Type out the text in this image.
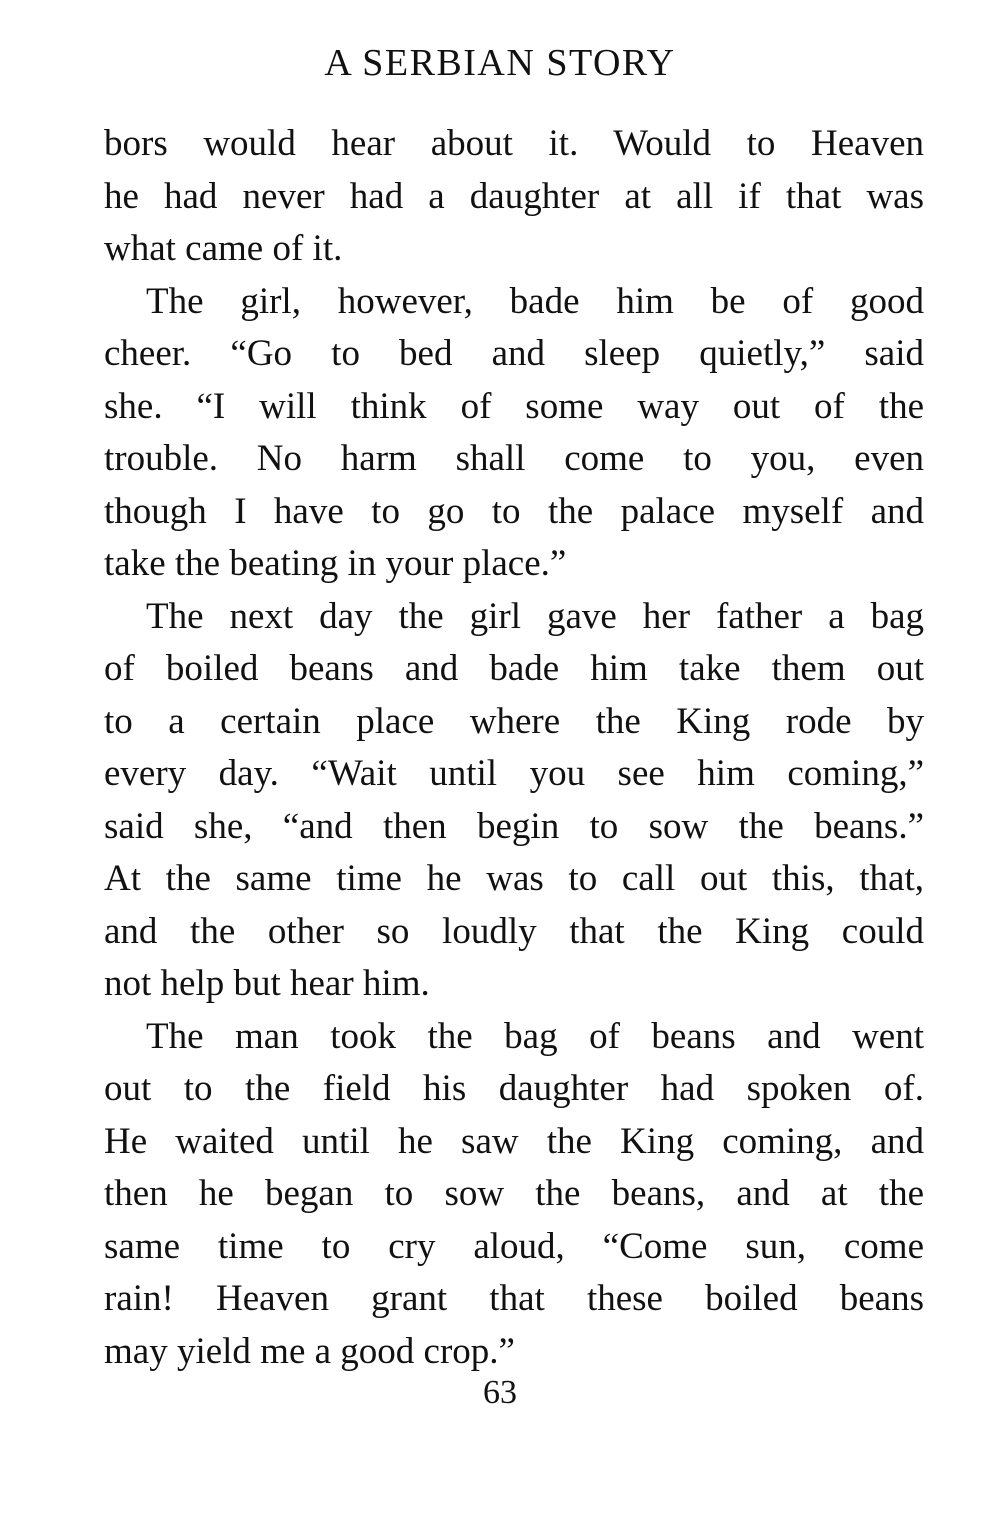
A SERBIAN STORY
bors would hear about it. Would to Heaven
he had never had a daughter at all if that was
what came of it.
The girl, however, bade him be of good
cheer. “Go to bed and sleep quietly,” said
she. “I will think of some way out of the
trouble. No harm shall come to you, even
though I have to go to the palace myself and
take the beating in your place.”
The next day the girl gave her father a bag
of boiled beans and bade him take them out
to a certain place where the King rode by
every day. “Wait until you see him coming,”
said she, “and then begin to sow the beans.”
At the same time he was to call out this, that,
and the other so loudly that the King could
not help but hear him.
The man took the bag of beans and went
out to the field his daughter had spoken of.
He waited until he saw the King coming, and
then he began to sow the beans, and at the
same time to cry aloud, “Come sun, come
rain! Heaven grant that these boiled beans
may yield me a good crop.”
63
